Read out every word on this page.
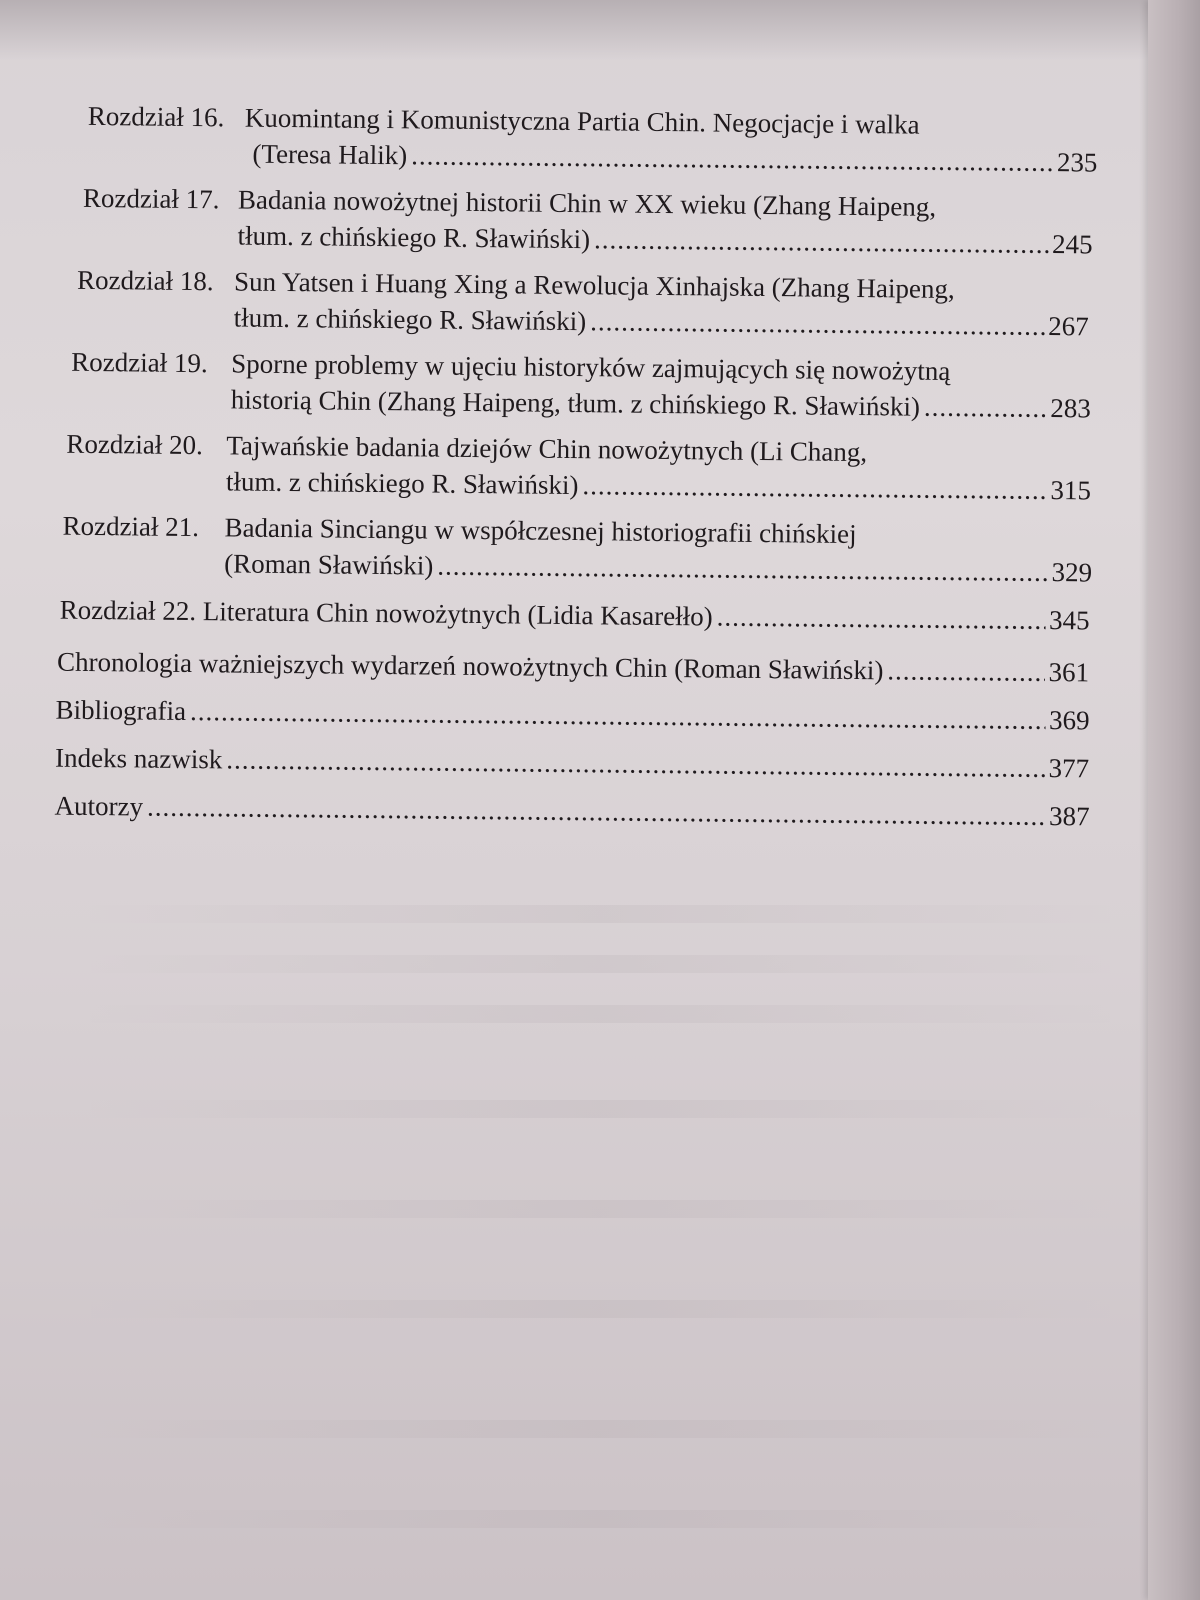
Rozdział 16. Kuomintang i Komunistyczna Partia Chin. Negocjacje i walka
(Teresa Halik) .....	235
Rozdział 17. Badania nowożytnej historii Chin w XX wieku (Zhang Haipeng,
tłum. z chińskiego R. Sławiński) .....	245
Rozdział 18. Sun Yatsen i Huang Xing a Rewolucja Xinhajska (Zhang Haipeng,
tłum. z chińskiego R. Sławiński) .....	267
Rozdział 19. Sporne problemy w ujęciu historyków zajmujących się nowożytną
historią Chin (Zhang Haipeng, tłum. z chińskiego R. Sławiński) .....	283
Rozdział 20. Tajwańskie badania dziejów Chin nowożytnych (Li Chang,
tłum. z chińskiego R. Sławiński) .....	315
Rozdział 21. Badania Sinciangu w współczesnej historiografii chińskiej
(Roman Sławiński) .....	329
Rozdział 22. Literatura Chin nowożytnych (Lidia Kasarełło) .....	345
Chronologia ważniejszych wydarzeń nowożytnych Chin (Roman Sławiński) .....	361
Bibliografia .....	369
Indeks nazwisk .....	377
Autorzy .....	387
